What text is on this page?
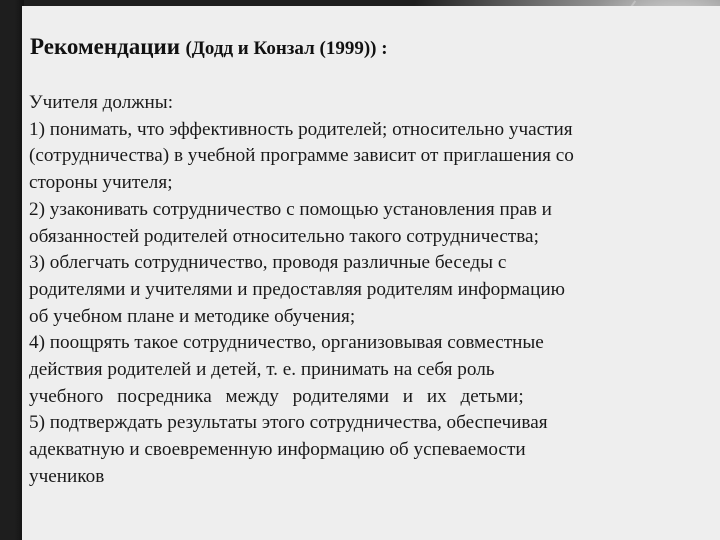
Рекомендации (Додд и Конзал (1999)) :
Учителя должны:
1) понимать, что эффективность родителей; относительно участия
(сотрудничества) в учебной программе зависит от приглашения со
стороны учителя;
2) узаконивать сотрудничество с помощью установления прав и
обязанностей родителей относительно такого сотрудничества;
3) облегчать сотрудничество, проводя различные беседы с
родителями и учителями и предоставляя родителям информацию
об учебном плане и методике обучения;
4) поощрять такое сотрудничество, организовывая совместные
действия родителей и детей, т. е. принимать на себя роль
учебного посредника между родителями и их детьми;
5) подтверждать результаты этого сотрудничества, обеспечивая
адекватную и своевременную информацию об успеваемости
учеников
